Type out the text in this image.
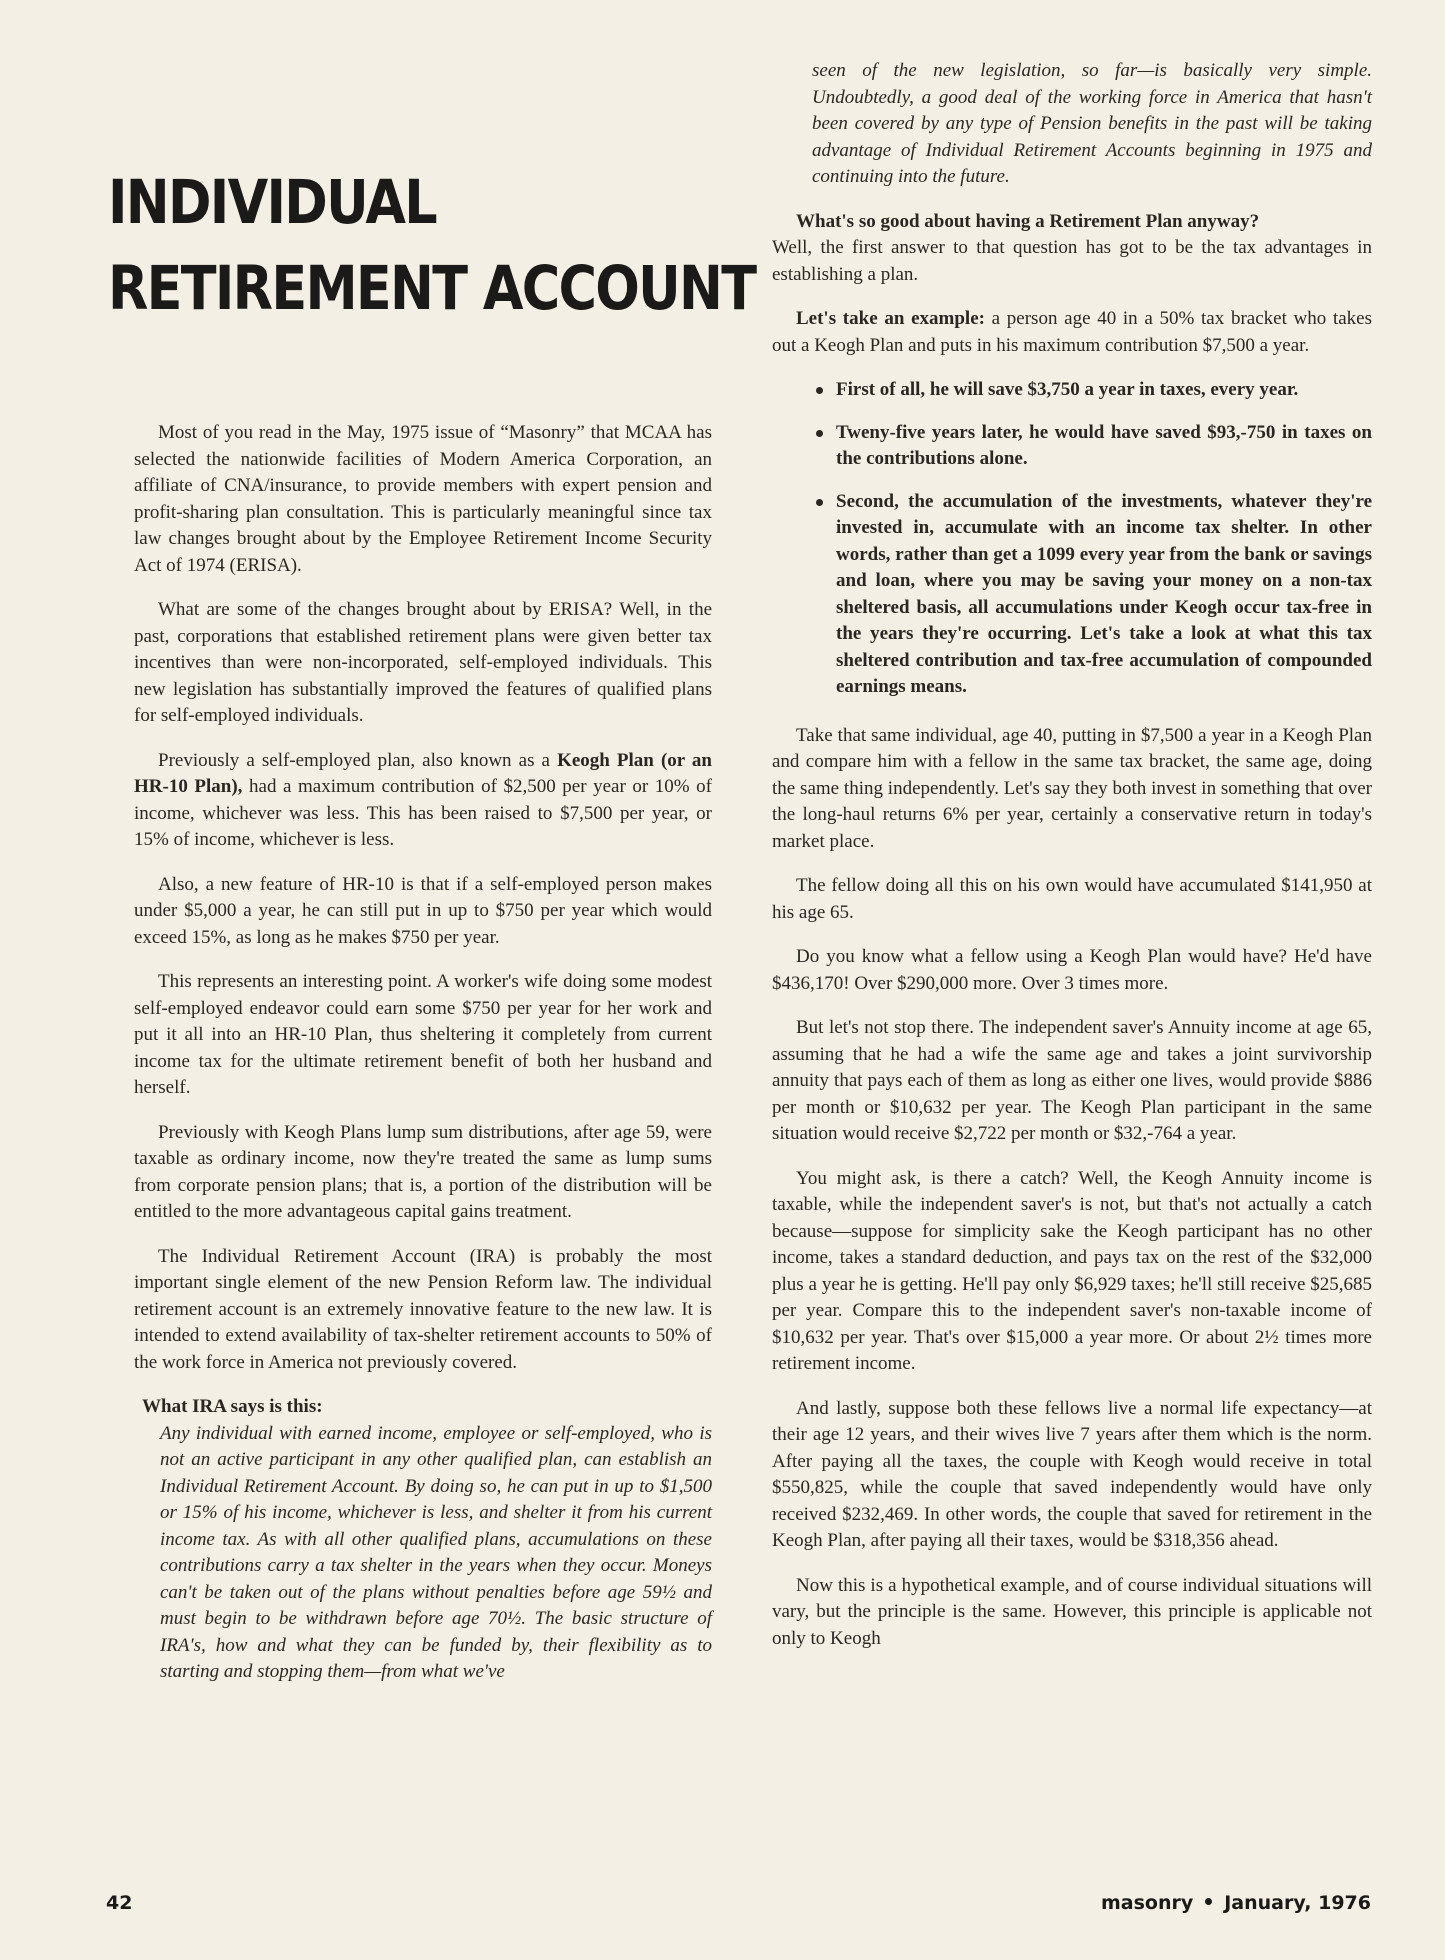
INDIVIDUAL
RETIREMENT ACCOUNT

Most of you read in the May, 1975 issue of “Masonry” that MCAA has selected the nationwide facilities of Modern America Corporation, an affiliate of CNA/insurance, to provide members with expert pension and profit-sharing plan consultation. This is particularly meaningful since tax law changes brought about by the Employee Retirement Income Security Act of 1974 (ERISA).

What are some of the changes brought about by ERISA? Well, in the past, corporations that established retirement plans were given better tax incentives than were non-incorporated, self-employed individuals. This new legislation has substantially improved the features of qualified plans for self-employed individuals.

Previously a self-employed plan, also known as a Keogh Plan (or an HR-10 Plan), had a maximum contribution of $2,500 per year or 10% of income, whichever was less. This has been raised to $7,500 per year, or 15% of income, whichever is less.

Also, a new feature of HR-10 is that if a self-employed person makes under $5,000 a year, he can still put in up to $750 per year which would exceed 15%, as long as he makes $750 per year.

This represents an interesting point. A worker's wife doing some modest self-employed endeavor could earn some $750 per year for her work and put it all into an HR-10 Plan, thus sheltering it completely from current income tax for the ultimate retirement benefit of both her husband and herself.

Previously with Keogh Plans lump sum distributions, after age 59, were taxable as ordinary income, now they're treated the same as lump sums from corporate pension plans; that is, a portion of the distribution will be entitled to the more advantageous capital gains treatment.

The Individual Retirement Account (IRA) is probably the most important single element of the new Pension Reform law. The individual retirement account is an extremely innovative feature to the new law. It is intended to extend availability of tax-shelter retirement accounts to 50% of the work force in America not previously covered.

What IRA says is this:
Any individual with earned income, employee or self-employed, who is not an active participant in any other qualified plan, can establish an Individual Retirement Account. By doing so, he can put in up to $1,500 or 15% of his income, whichever is less, and shelter it from his current income tax. As with all other qualified plans, accumulations on these contributions carry a tax shelter in the years when they occur. Moneys can't be taken out of the plans without penalties before age 59½ and must begin to be withdrawn before age 70½. The basic structure of IRA's, how and what they can be funded by, their flexibility as to starting and stopping them—from what we've
seen of the new legislation, so far—is basically very simple. Undoubtedly, a good deal of the working force in America that hasn't been covered by any type of Pension benefits in the past will be taking advantage of Individual Retirement Accounts beginning in 1975 and continuing into the future.

What's so good about having a Retirement Plan anyway?
Well, the first answer to that question has got to be the tax advantages in establishing a plan.

Let's take an example: a person age 40 in a 50% tax bracket who takes out a Keogh Plan and puts in his maximum contribution $7,500 a year.

First of all, he will save $3,750 a year in taxes, every year.
Tweny-five years later, he would have saved $93,-750 in taxes on the contributions alone.
Second, the accumulation of the investments, whatever they're invested in, accumulate with an income tax shelter. In other words, rather than get a 1099 every year from the bank or savings and loan, where you may be saving your money on a non-tax sheltered basis, all accumulations under Keogh occur tax-free in the years they're occurring. Let's take a look at what this tax sheltered contribution and tax-free accumulation of compounded earnings means.

Take that same individual, age 40, putting in $7,500 a year in a Keogh Plan and compare him with a fellow in the same tax bracket, the same age, doing the same thing independently. Let's say they both invest in something that over the long-haul returns 6% per year, certainly a conservative return in today's market place.

The fellow doing all this on his own would have accumulated $141,950 at his age 65.

Do you know what a fellow using a Keogh Plan would have? He'd have $436,170! Over $290,000 more. Over 3 times more.

But let's not stop there. The independent saver's Annuity income at age 65, assuming that he had a wife the same age and takes a joint survivorship annuity that pays each of them as long as either one lives, would provide $886 per month or $10,632 per year. The Keogh Plan participant in the same situation would receive $2,722 per month or $32,-764 a year.

You might ask, is there a catch? Well, the Keogh Annuity income is taxable, while the independent saver's is not, but that's not actually a catch because—suppose for simplicity sake the Keogh participant has no other income, takes a standard deduction, and pays tax on the rest of the $32,000 plus a year he is getting. He'll pay only $6,929 taxes; he'll still receive $25,685 per year. Compare this to the independent saver's non-taxable income of $10,632 per year. That's over $15,000 a year more. Or about 2½ times more retirement income.

And lastly, suppose both these fellows live a normal life expectancy—at their age 12 years, and their wives live 7 years after them which is the norm. After paying all the taxes, the couple with Keogh would receive in total $550,825, while the couple that saved independently would have only received $232,469. In other words, the couple that saved for retirement in the Keogh Plan, after paying all their taxes, would be $318,356 ahead.

Now this is a hypothetical example, and of course individual situations will vary, but the principle is the same. However, this principle is applicable not only to Keogh

42	masonry January, 1976
